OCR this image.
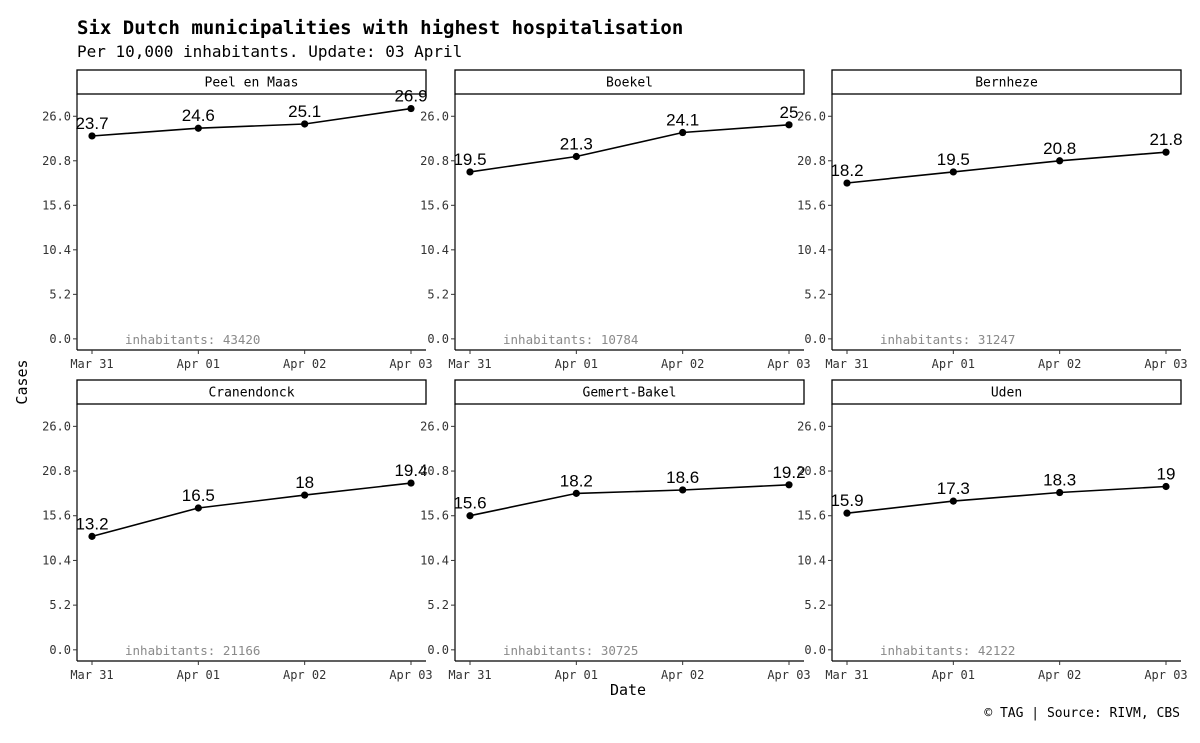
Six Dutch municipalities with highest hospitalisation
Per 10,000 inhabitants. Update: 03 April
Cases
Date
© TAG | Source: RIVM, CBS
Peel en Maas
0.0
5.2
10.4
15.6
20.8
26.0
Mar 31	Apr 01	Apr 02	Apr 03
23.7	24.6	25.1
26.9
inhabitants: 43420
Boekel
0.0
5.2
10.4
15.6
20.8
26.0
Mar 31	Apr 01	Apr 02	Apr 03
19.5
21.3
24.1	25
inhabitants: 10784
Bernheze
0.0
5.2
10.4
15.6
20.8
26.0
Mar 31	Apr 01	Apr 02	Apr 03
18.2
19.5
20.8	21.8
inhabitants: 31247
Cranendonck
0.0
5.2
10.4
15.6
20.8
26.0
Mar 31	Apr 01	Apr 02	Apr 03
13.2
16.5
18
19.4
inhabitants: 21166
Gemert-Bakel
0.0
5.2
10.4
15.6
20.8
26.0
Mar 31	Apr 01	Apr 02	Apr 03
15.6
18.2	18.6	19.2
inhabitants: 30725
Uden
0.0
5.2
10.4
15.6
20.8
26.0
Mar 31	Apr 01	Apr 02	Apr 03
15.9
17.3	18.3	19
inhabitants: 42122
